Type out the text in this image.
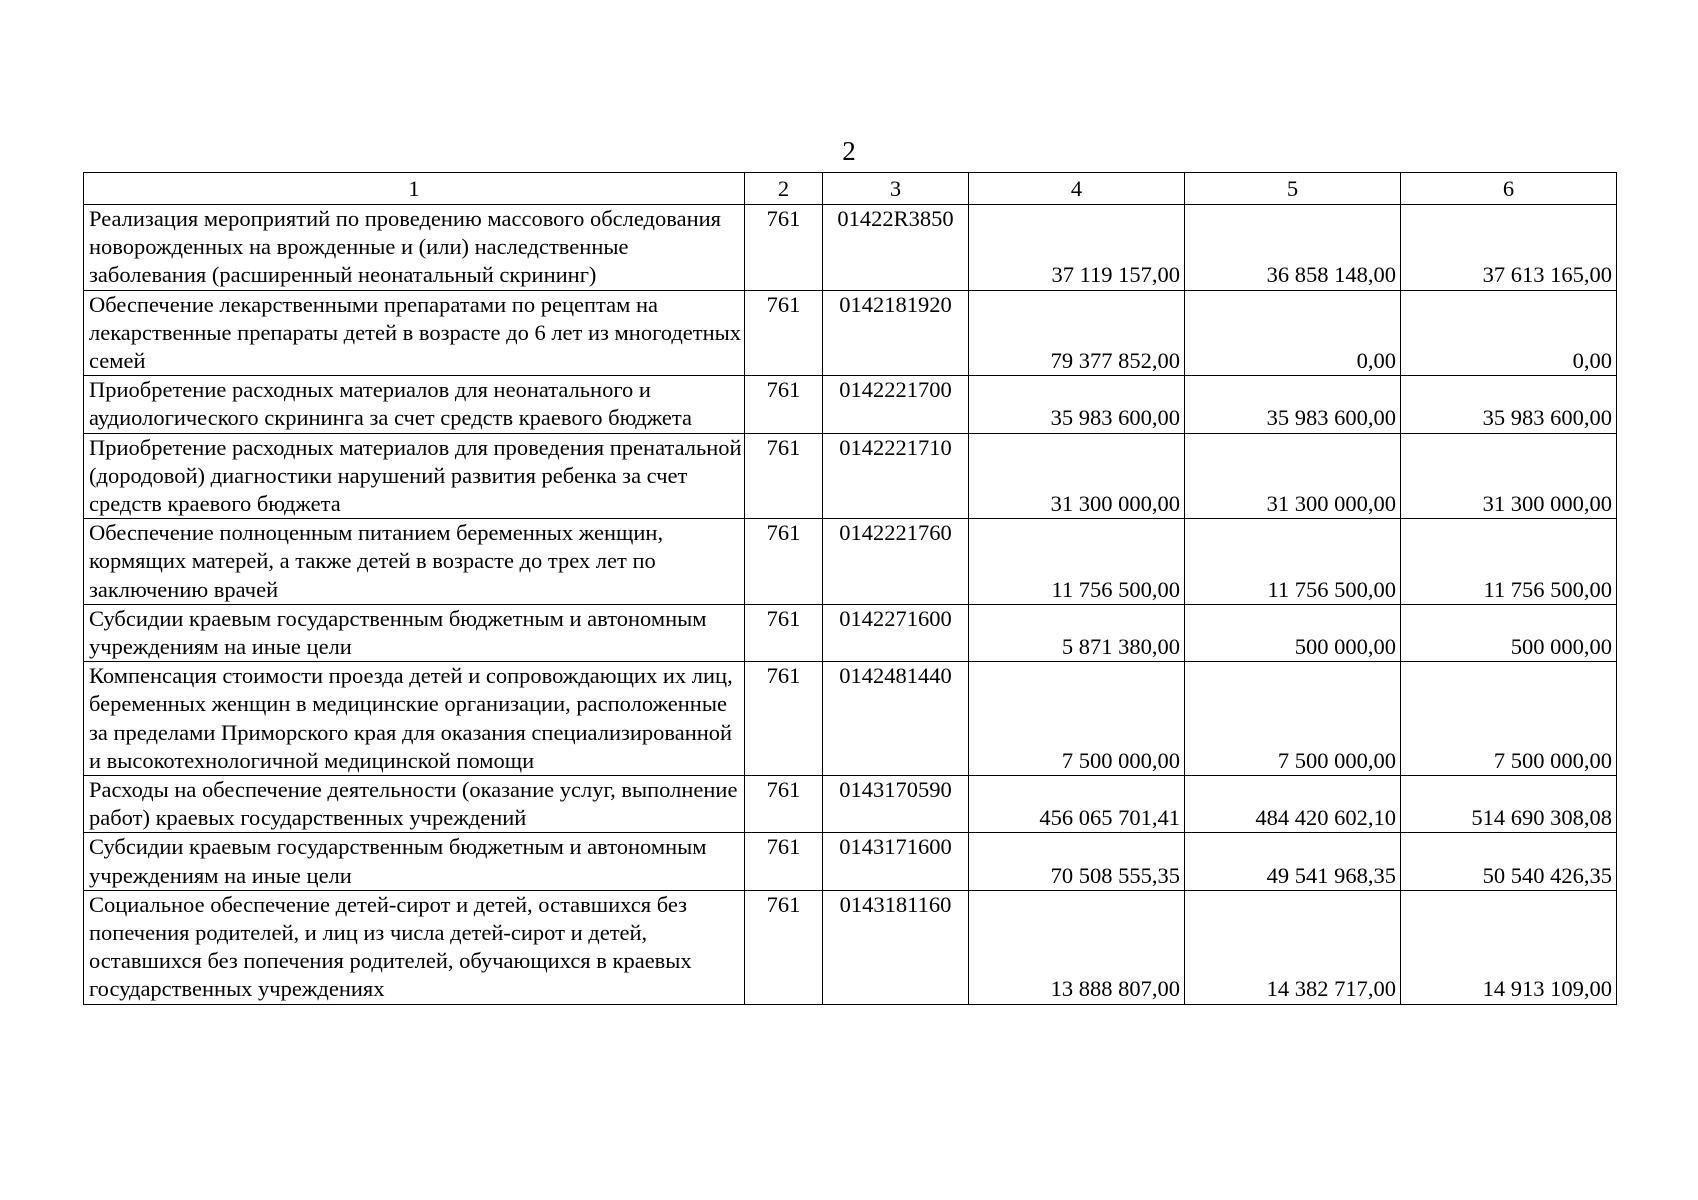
2
1	2	3	4	5	6
Реализация мероприятий по проведению массового обследования новорожденных на врожденные и (или) наследственные заболевания (расширенный неонатальный скрининг)	761	01422R3850	37 119 157,00	36 858 148,00	37 613 165,00
Обеспечение лекарственными препаратами по рецептам на лекарственные препараты детей в возрасте до 6 лет из многодетных семей	761	0142181920	79 377 852,00	0,00	0,00
Приобретение расходных материалов для неонатального и аудиологического скрининга за счет средств краевого бюджета	761	0142221700	35 983 600,00	35 983 600,00	35 983 600,00
Приобретение расходных материалов для проведения пренатальной (дородовой) диагностики нарушений развития ребенка за счет средств краевого бюджета	761	0142221710	31 300 000,00	31 300 000,00	31 300 000,00
Обеспечение полноценным питанием беременных женщин, кормящих матерей, а также детей в возрасте до трех лет по заключению врачей	761	0142221760	11 756 500,00	11 756 500,00	11 756 500,00
Субсидии краевым государственным бюджетным и автономным учреждениям на иные цели	761	0142271600	5 871 380,00	500 000,00	500 000,00
Компенсация стоимости проезда детей и сопровождающих их лиц, беременных женщин в медицинские организации, расположенные за пределами Приморского края для оказания специализированной и высокотехнологичной медицинской помощи	761	0142481440	7 500 000,00	7 500 000,00	7 500 000,00
Расходы на обеспечение деятельности (оказание услуг, выполнение работ) краевых государственных учреждений	761	0143170590	456 065 701,41	484 420 602,10	514 690 308,08
Субсидии краевым государственным бюджетным и автономным учреждениям на иные цели	761	0143171600	70 508 555,35	49 541 968,35	50 540 426,35
Социальное обеспечение детей-сирот и детей, оставшихся без попечения родителей, и лиц из числа детей-сирот и детей, оставшихся без попечения родителей, обучающихся в краевых государственных учреждениях	761	0143181160	13 888 807,00	14 382 717,00	14 913 109,00
